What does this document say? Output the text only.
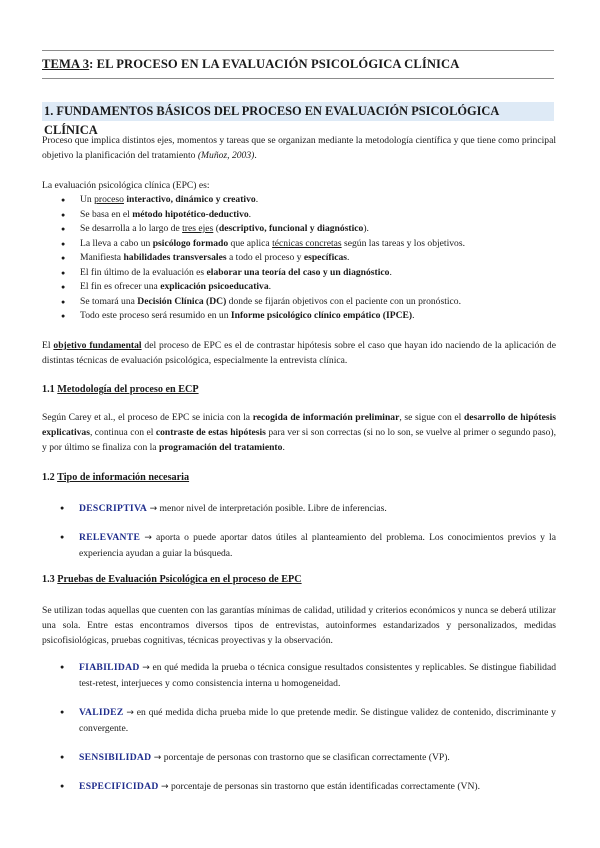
TEMA 3: EL PROCESO EN LA EVALUACIÓN PSICOLÓGICA CLÍNICA
1. FUNDAMENTOS BÁSICOS DEL PROCESO EN EVALUACIÓN PSICOLÓGICA CLÍNICA
Proceso que implica distintos ejes, momentos y tareas que se organizan mediante la metodología científica y que tiene como principal objetivo la planificación del tratamiento (Muñoz, 2003).
La evaluación psicológica clínica (EPC) es:
● Un proceso interactivo, dinámico y creativo.
● Se basa en el método hipotético-deductivo.
● Se desarrolla a lo largo de tres ejes (descriptivo, funcional y diagnóstico).
● La lleva a cabo un psicólogo formado que aplica técnicas concretas según las tareas y los objetivos.
● Manifiesta habilidades transversales a todo el proceso y específicas.
● El fin último de la evaluación es elaborar una teoría del caso y un diagnóstico.
● El fin es ofrecer una explicación psicoeducativa.
● Se tomará una Decisión Clínica (DC) donde se fijarán objetivos con el paciente con un pronóstico.
● Todo este proceso será resumido en un Informe psicológico clínico empático (IPCE).
El objetivo fundamental del proceso de EPC es el de contrastar hipótesis sobre el caso que hayan ido naciendo de la aplicación de distintas técnicas de evaluación psicológica, especialmente la entrevista clínica.
1.1 Metodología del proceso en ECP
Según Carey et al., el proceso de EPC se inicia con la recogida de información preliminar, se sigue con el desarrollo de hipótesis explicativas, continua con el contraste de estas hipótesis para ver si son correctas (si no lo son, se vuelve al primer o segundo paso), y por último se finaliza con la programación del tratamiento.
1.2 Tipo de información necesaria
●	DESCRIPTIVA → menor nivel de interpretación posible. Libre de inferencias.
●	RELEVANTE → aporta o puede aportar datos útiles al planteamiento del problema. Los conocimientos previos y la experiencia ayudan a guiar la búsqueda.
1.3 Pruebas de Evaluación Psicológica en el proceso de EPC
Se utilizan todas aquellas que cuenten con las garantías mínimas de calidad, utilidad y criterios económicos y nunca se deberá utilizar una sola. Entre estas encontramos diversos tipos de entrevistas, autoinformes estandarizados y personalizados, medidas psicofisiológicas, pruebas cognitivas, técnicas proyectivas y la observación.
●	FIABILIDAD → en qué medida la prueba o técnica consigue resultados consistentes y replicables. Se distingue fiabilidad test-retest, interjueces y como consistencia interna u homogeneidad.
●	VALIDEZ → en qué medida dicha prueba mide lo que pretende medir. Se distingue validez de contenido, discriminante y convergente.
●	SENSIBILIDAD → porcentaje de personas con trastorno que se clasifican correctamente (VP).
●	ESPECIFICIDAD → porcentaje de personas sin trastorno que están identificadas correctamente (VN).
